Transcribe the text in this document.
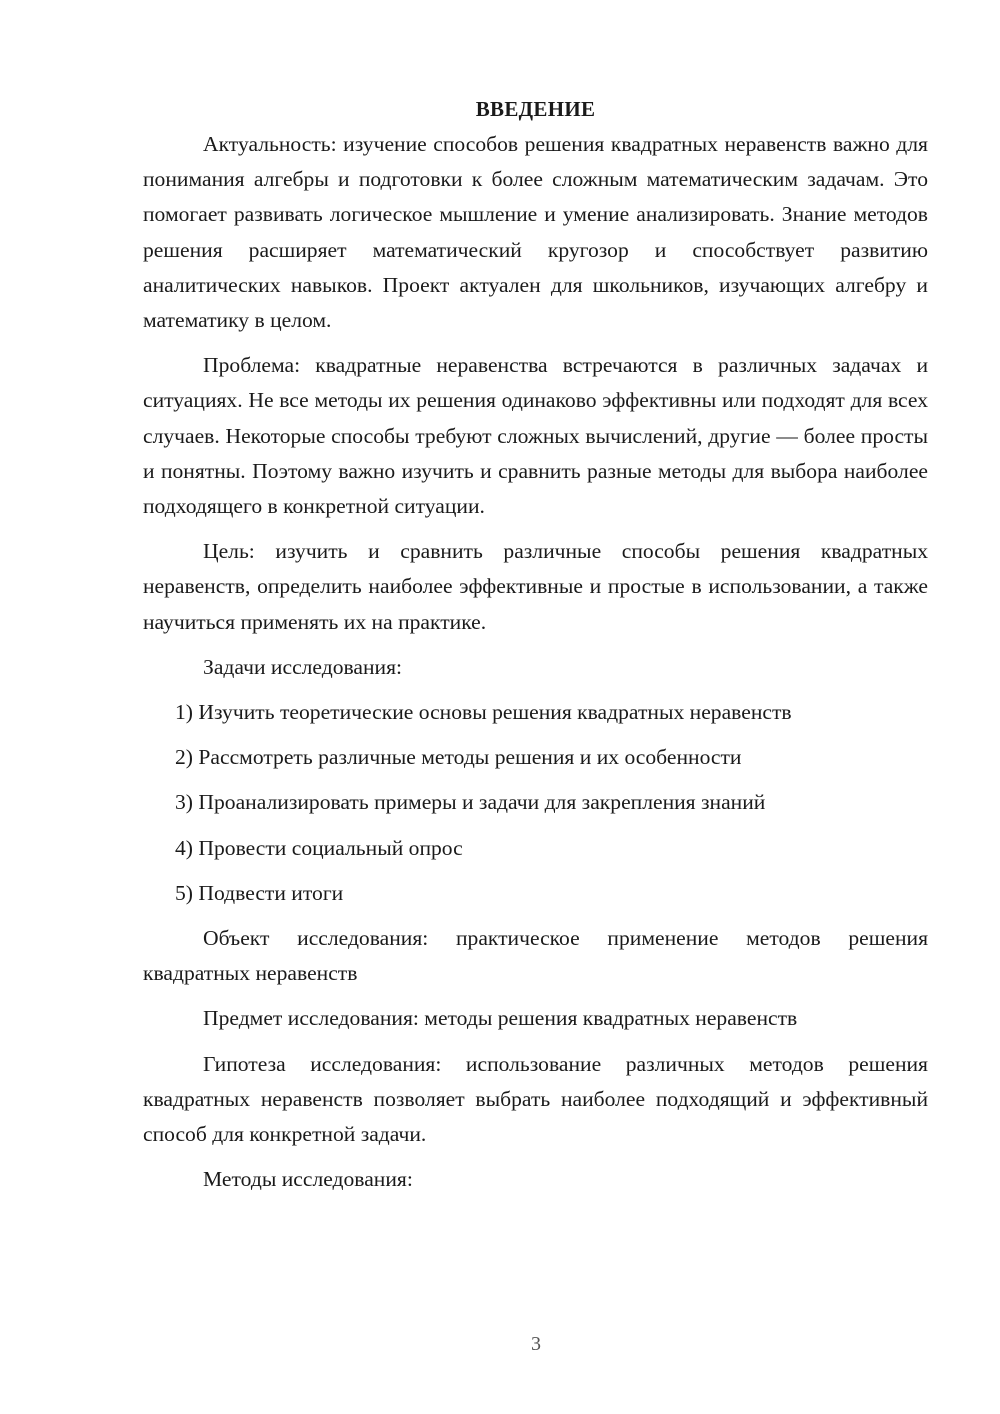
ВВЕДЕНИЕ

Актуальность: изучение способов решения квадратных неравенств важно для понимания алгебры и подготовки к более сложным математическим задачам. Это помогает развивать логическое мышление и умение анализировать. Знание методов решения расширяет математический кругозор и способствует развитию аналитических навыков. Проект актуален для школьников, изучающих алгебру и математику в целом.

Проблема: квадратные неравенства встречаются в различных задачах и ситуациях. Не все методы их решения одинаково эффективны или подходят для всех случаев. Некоторые способы требуют сложных вычислений, другие — более просты и понятны. Поэтому важно изучить и сравнить разные методы для выбора наиболее подходящего в конкретной ситуации.

Цель: изучить и сравнить различные способы решения квадратных неравенств, определить наиболее эффективные и простые в использовании, а также научиться применять их на практике.

Задачи исследования:

1) Изучить теоретические основы решения квадратных неравенств
2) Рассмотреть различные методы решения и их особенности
3) Проанализировать примеры и задачи для закрепления знаний
4) Провести социальный опрос
5) Подвести итоги

Объект исследования: практическое применение методов решения квадратных неравенств

Предмет исследования: методы решения квадратных неравенств

Гипотеза исследования: использование различных методов решения квадратных неравенств позволяет выбрать наиболее подходящий и эффективный способ для конкретной задачи.

Методы исследования:

3
